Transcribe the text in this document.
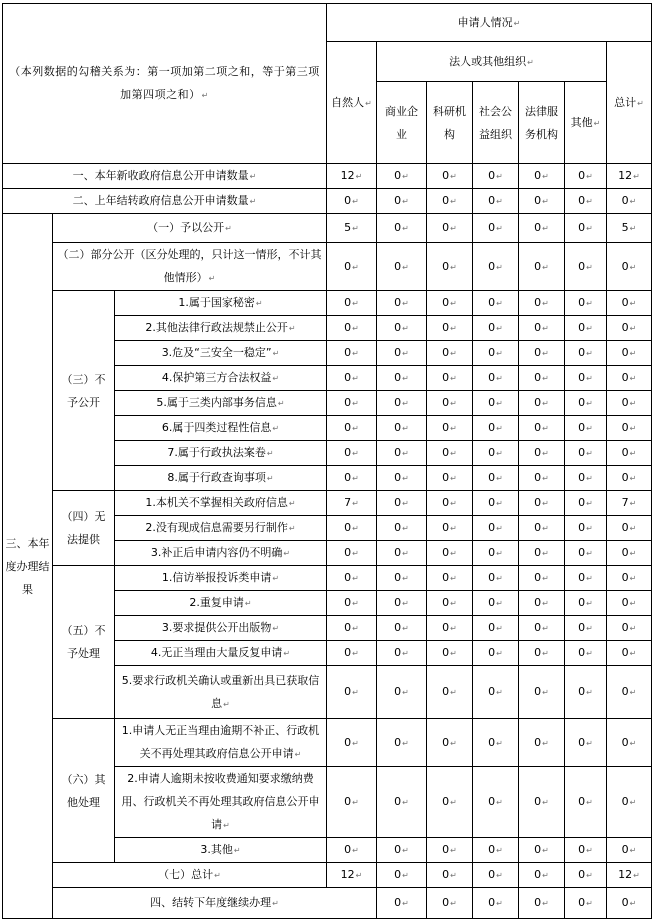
（本列数据的勾稽关系为：第一项加第二项之和，等于第三项加第四项之和）↵			申请人情况↵							
			自然人↵	法人或其他组织↵					总计↵	
				商业企业	科研机构	社会公益组织	法律服务机构	其他↵		
一、本年新收政府信息公开申请数量↵			12↵	0↵	0↵	0↵	0↵	0↵	12↵	
二、上年结转政府信息公开申请数量↵			0↵	0↵	0↵	0↵	0↵	0↵	0↵	
三、本年度办理结果	（一）予以公开↵		5↵	0↵	0↵	0↵	0↵	0↵	5↵	
	（二）部分公开（区分处理的，只计这一情形，不计其他情形）↵		0↵	0↵	0↵	0↵	0↵	0↵	0↵	
	（三）不予公开	1.属于国家秘密↵	0↵	0↵	0↵	0↵	0↵	0↵	0↵	
		2.其他法律行政法规禁止公开↵	0↵	0↵	0↵	0↵	0↵	0↵	0↵	
		3.危及“三安全一稳定”↵	0↵	0↵	0↵	0↵	0↵	0↵	0↵	
		4.保护第三方合法权益↵	0↵	0↵	0↵	0↵	0↵	0↵	0↵	
		5.属于三类内部事务信息↵	0↵	0↵	0↵	0↵	0↵	0↵	0↵	
		6.属于四类过程性信息↵	0↵	0↵	0↵	0↵	0↵	0↵	0↵	
		7.属于行政执法案卷↵	0↵	0↵	0↵	0↵	0↵	0↵	0↵	
		8.属于行政查询事项↵	0↵	0↵	0↵	0↵	0↵	0↵	0↵	
	（四）无法提供	1.本机关不掌握相关政府信息↵	7↵	0↵	0↵	0↵	0↵	0↵	7↵	
		2.没有现成信息需要另行制作↵	0↵	0↵	0↵	0↵	0↵	0↵	0↵	
		3.补正后申请内容仍不明确↵	0↵	0↵	0↵	0↵	0↵	0↵	0↵	
	（五）不予处理	1.信访举报投诉类申请↵	0↵	0↵	0↵	0↵	0↵	0↵	0↵	
		2.重复申请↵	0↵	0↵	0↵	0↵	0↵	0↵	0↵	
		3.要求提供公开出版物↵	0↵	0↵	0↵	0↵	0↵	0↵	0↵	
		4.无正当理由大量反复申请↵	0↵	0↵	0↵	0↵	0↵	0↵	0↵	
		5.要求行政机关确认或重新出具已获取信息↵	0↵	0↵	0↵	0↵	0↵	0↵	0↵	
	（六）其他处理	1.申请人无正当理由逾期不补正、行政机关不再处理其政府信息公开申请↵	0↵	0↵	0↵	0↵	0↵	0↵	0↵	
		2.申请人逾期未按收费通知要求缴纳费用、行政机关不再处理其政府信息公开申请↵	0↵	0↵	0↵	0↵	0↵	0↵	0↵	
		3.其他↵	0↵	0↵	0↵	0↵	0↵	0↵	0↵	
	（七）总计↵		12↵	0↵	0↵	0↵	0↵	0↵	12↵	
	四、结转下年度继续办理↵			0↵	0↵	0↵	0↵	0↵	0↵	
